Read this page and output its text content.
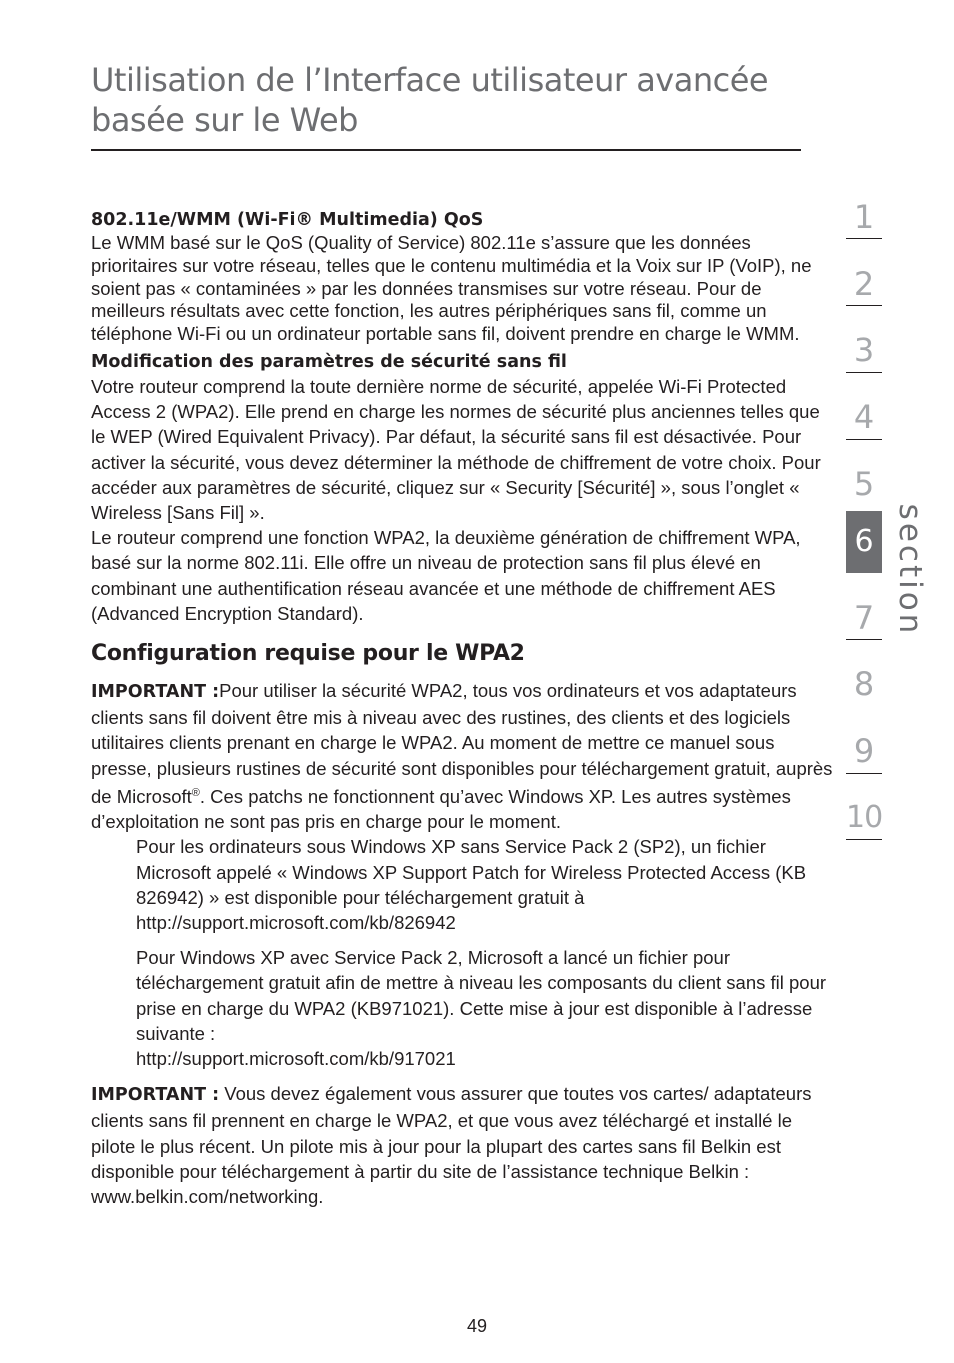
Utilisation de l’Interface utilisateur avancée
basée sur le Web
802.11e/WMM (Wi-Fi® Multimedia) QoS

Le WMM basé sur le QoS (Quality of Service) 802.11e s’assure que les données prioritaires sur votre réseau, telles que le contenu multimédia et la Voix sur IP (VoIP), ne soient pas « contaminées » par les données transmises sur votre réseau. Pour de meilleurs résultats avec cette fonction, les autres périphériques sans fil, comme un téléphone Wi-Fi ou un ordinateur portable sans fil, doivent prendre en charge le WMM.

Modification des paramètres de sécurité sans fil

Votre routeur comprend la toute dernière norme de sécurité, appelée Wi-Fi Protected Access 2 (WPA2). Elle prend en charge les normes de sécurité plus anciennes telles que le WEP (Wired Equivalent Privacy). Par défaut, la sécurité sans fil est désactivée. Pour activer la sécurité, vous devez déterminer la méthode de chiffrement de votre choix. Pour accéder aux paramètres de sécurité, cliquez sur « Security [Sécurité] », sous l’onglet « Wireless [Sans Fil] ».

Le routeur comprend une fonction WPA2, la deuxième génération de chiffrement WPA, basé sur la norme 802.11i. Elle offre un niveau de protection sans fil plus élevé en combinant une authentification réseau avancée et une méthode de chiffrement AES (Advanced Encryption Standard).

Configuration requise pour le WPA2

IMPORTANT :Pour utiliser la sécurité WPA2, tous vos ordinateurs et vos adaptateurs clients sans fil doivent être mis à niveau avec des rustines, des clients et des logiciels utilitaires clients prenant en charge le WPA2. Au moment de mettre ce manuel sous presse, plusieurs rustines de sécurité sont disponibles pour téléchargement gratuit, auprès de Microsoft®. Ces patchs ne fonctionnent qu’avec Windows XP. Les autres systèmes d’exploitation ne sont pas pris en charge pour le moment.

Pour les ordinateurs sous Windows XP sans Service Pack 2 (SP2), un fichier Microsoft appelé « Windows XP Support Patch for Wireless Protected Access (KB 826942) » est disponible pour téléchargement gratuit à http://support.microsoft.com/kb/826942

Pour Windows XP avec Service Pack 2, Microsoft a lancé un fichier pour téléchargement gratuit afin de mettre à niveau les composants du client sans fil pour prise en charge du WPA2 (KB971021). Cette mise à jour est disponible à l’adresse suivante :
http://support.microsoft.com/kb/917021

IMPORTANT : Vous devez également vous assurer que toutes vos cartes/ adaptateurs clients sans fil prennent en charge le WPA2, et que vous avez téléchargé et installé le pilote le plus récent. Un pilote mis à jour pour la plupart des cartes sans fil Belkin est disponible pour téléchargement à partir du site de l’assistance technique Belkin : www.belkin.com/networking.

1
2
3
4
5
6
7
8
9
10
section
49
